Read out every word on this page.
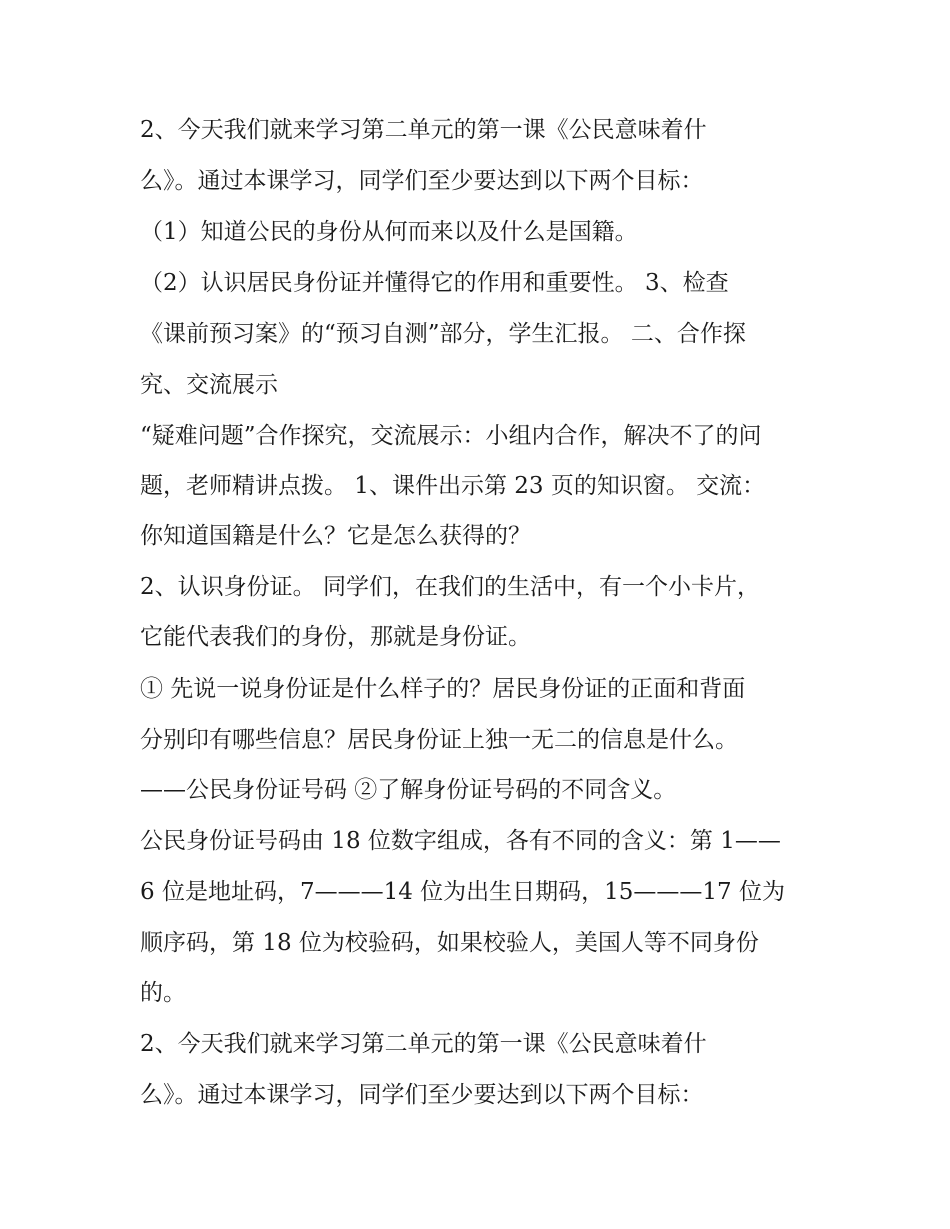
2、今天我们就来学习第二单元的第一课《公民意味着什
么》。通过本课学习，同学们至少要达到以下两个目标：
（1）知道公民的身份从何而来以及什么是国籍。
（2）认识居民身份证并懂得它的作用和重要性。 3、检查
《课前预习案》的“预习自测”部分，学生汇报。 二、合作探
究、交流展示
“疑难问题”合作探究，交流展示：小组内合作，解决不了的问
题，老师精讲点拨。 1、课件出示第 23 页的知识窗。 交流：
你知道国籍是什么？它是怎么获得的？
2、认识身份证。 同学们，在我们的生活中，有一个小卡片，
它能代表我们的身份，那就是身份证。
① 先说一说身份证是什么样子的？居民身份证的正面和背面
分别印有哪些信息？居民身份证上独一无二的信息是什么。
——公民身份证号码 ②了解身份证号码的不同含义。
公民身份证号码由 18 位数字组成，各有不同的含义：第 1——
6 位是地址码，7———14 位为出生日期码，15———17 位为
顺序码，第 18 位为校验码，如果校验人，美国人等不同身份
的。
2、今天我们就来学习第二单元的第一课《公民意味着什
么》。通过本课学习，同学们至少要达到以下两个目标：
